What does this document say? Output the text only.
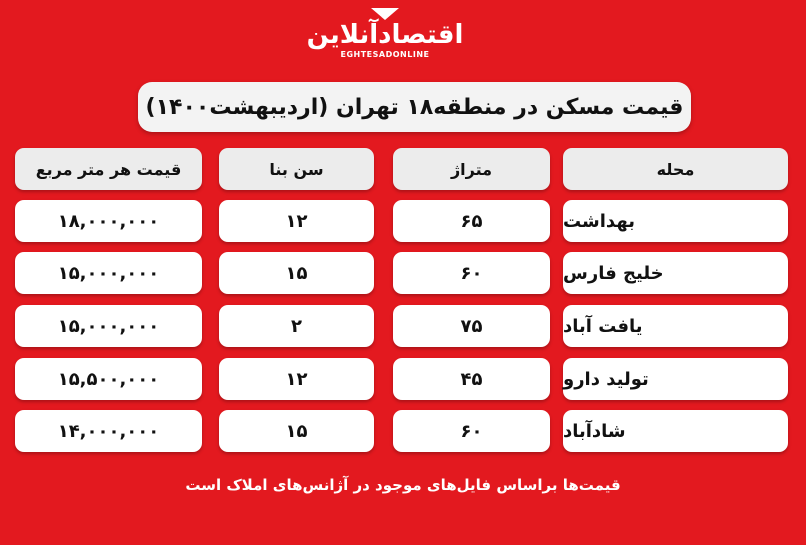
اقتصادآنلاین
EGHTESADONLINE
قیمت مسکن در منطقه۱۸ تهران (اردیبهشت۱۴۰۰)
محله
متراژ
سن بنا
قیمت هر متر مربع
بهداشت
۶۵
۱۲
۱۸,۰۰۰,۰۰۰
خلیج فارس
۶۰
۱۵
۱۵,۰۰۰,۰۰۰
یافت آباد
۷۵
۲
۱۵,۰۰۰,۰۰۰
تولید دارو
۴۵
۱۲
۱۵,۵۰۰,۰۰۰
شادآباد
۶۰
۱۵
۱۴,۰۰۰,۰۰۰
قیمت‌ها براساس فایل‌های موجود در آژانس‌های املاک است
